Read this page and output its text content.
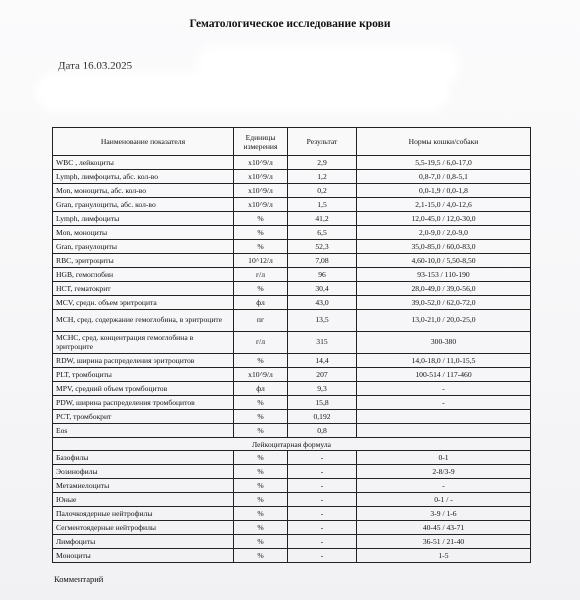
Гематологическое исследование крови
Дата 16.03.2025
Наименование показателя	Единицы измерения	Результат	Нормы кошки/собаки
WBC , лейкоциты	x10^9/л	2,9	5,5-19,5 / 6,0-17,0
Lymph, лимфоциты, абс. кол-во	x10^9/л	1,2	0,8-7,0 / 0,8-5,1
Mon, моноциты, абс. кол-во	x10^9/л	0,2	0,0-1,9 / 0,0-1,8
Gran, гранулоциты, абс. кол-во	x10^9/л	1,5	2,1-15,0 / 4,0-12,6
Lymph, лимфоциты	%	41,2	12,0-45,0 / 12,0-30,0
Mon, моноциты	%	6,5	2,0-9,0 / 2,0-9,0
Gran, гранулоциты	%	52,3	35,0-85,0 / 60,0-83,0
RBC, эритроциты	10^12/л	7,08	4,60-10,0 / 5,50-8,50
HGB, гемоглобин	г/л	96	93-153 / 110-190
HCT, гематокрит	%	30,4	28,0-49,0 / 39,0-56,0
MCV, средн. объем эритроцита	фл	43,0	39,0-52,0 / 62,0-72,0
MCH, сред. содержание гемоглобина, в эритроците	пг	13,5	13,0-21,0 / 20,0-25,0
MCHC, сред. концентрация гемоглобина в эритроците	г/л	315	300-380
RDW, ширина распределения эритроцитов	%	14,4	14,0-18,0 / 11,0-15,5
PLT, тромбоциты	x10^9/л	207	100-514 / 117-460
MPV, средний объем тромбоцитов	фл	9,3	-
PDW, ширина распределения тромбоцитов	%	15,8	-
PCT, тромбокрит	%	0,192	
Eos	%	0,8	
Лейкоцитарная формула			
Базофилы	%	-	0-1
Эозинофилы	%	-	2-8/3-9
Метамиелоциты	%	-	-
Юные	%	-	0-1 / -
Палочкоядерные нейтрофилы	%	-	3-9 / 1-6
Сегментоядерные нейтрофилы	%	-	40-45 / 43-71
Лимфоциты	%	-	36-51 / 21-40
Моноциты	%	-	1-5
Комментарий
